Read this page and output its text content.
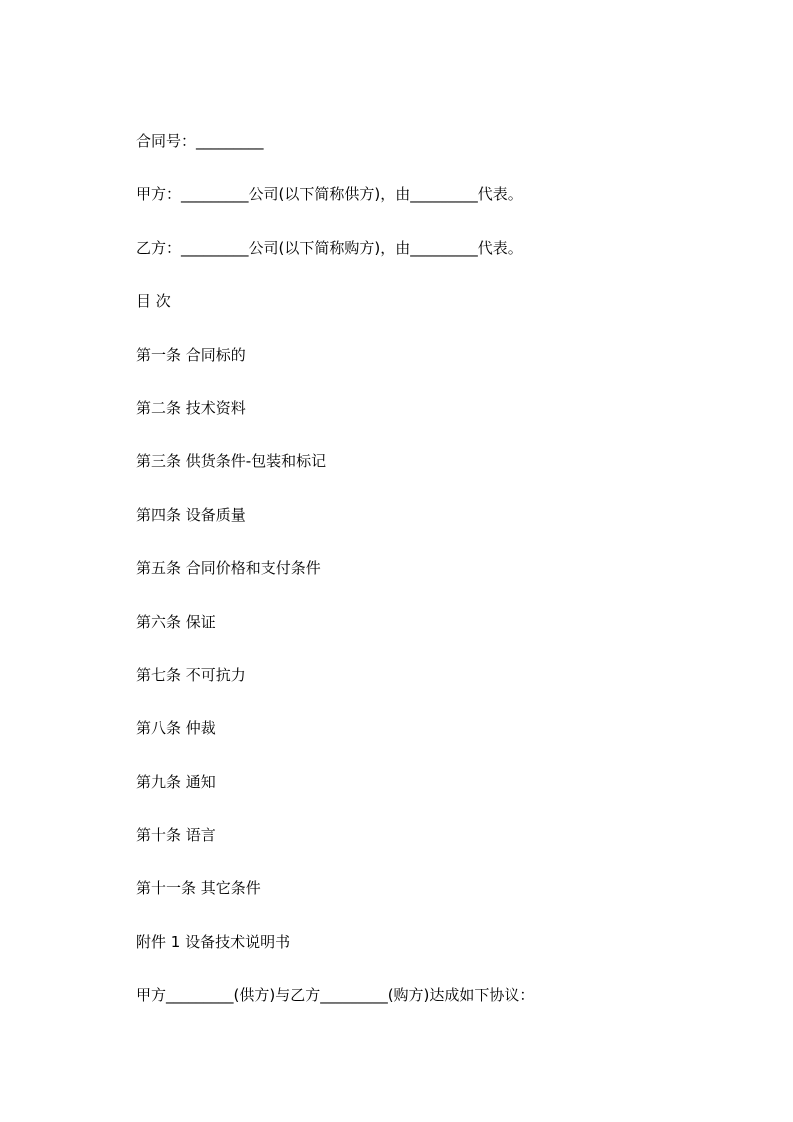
合同号：_________
甲方：_________公司(以下简称供方)，由_________代表。
乙方：_________公司(以下简称购方)，由_________代表。
目 次
第一条 合同标的
第二条 技术资料
第三条 供货条件-包装和标记
第四条 设备质量
第五条 合同价格和支付条件
第六条 保证
第七条 不可抗力
第八条 仲裁
第九条 通知
第十条 语言
第十一条 其它条件
附件 1 设备技术说明书
甲方_________(供方)与乙方_________(购方)达成如下协议：
